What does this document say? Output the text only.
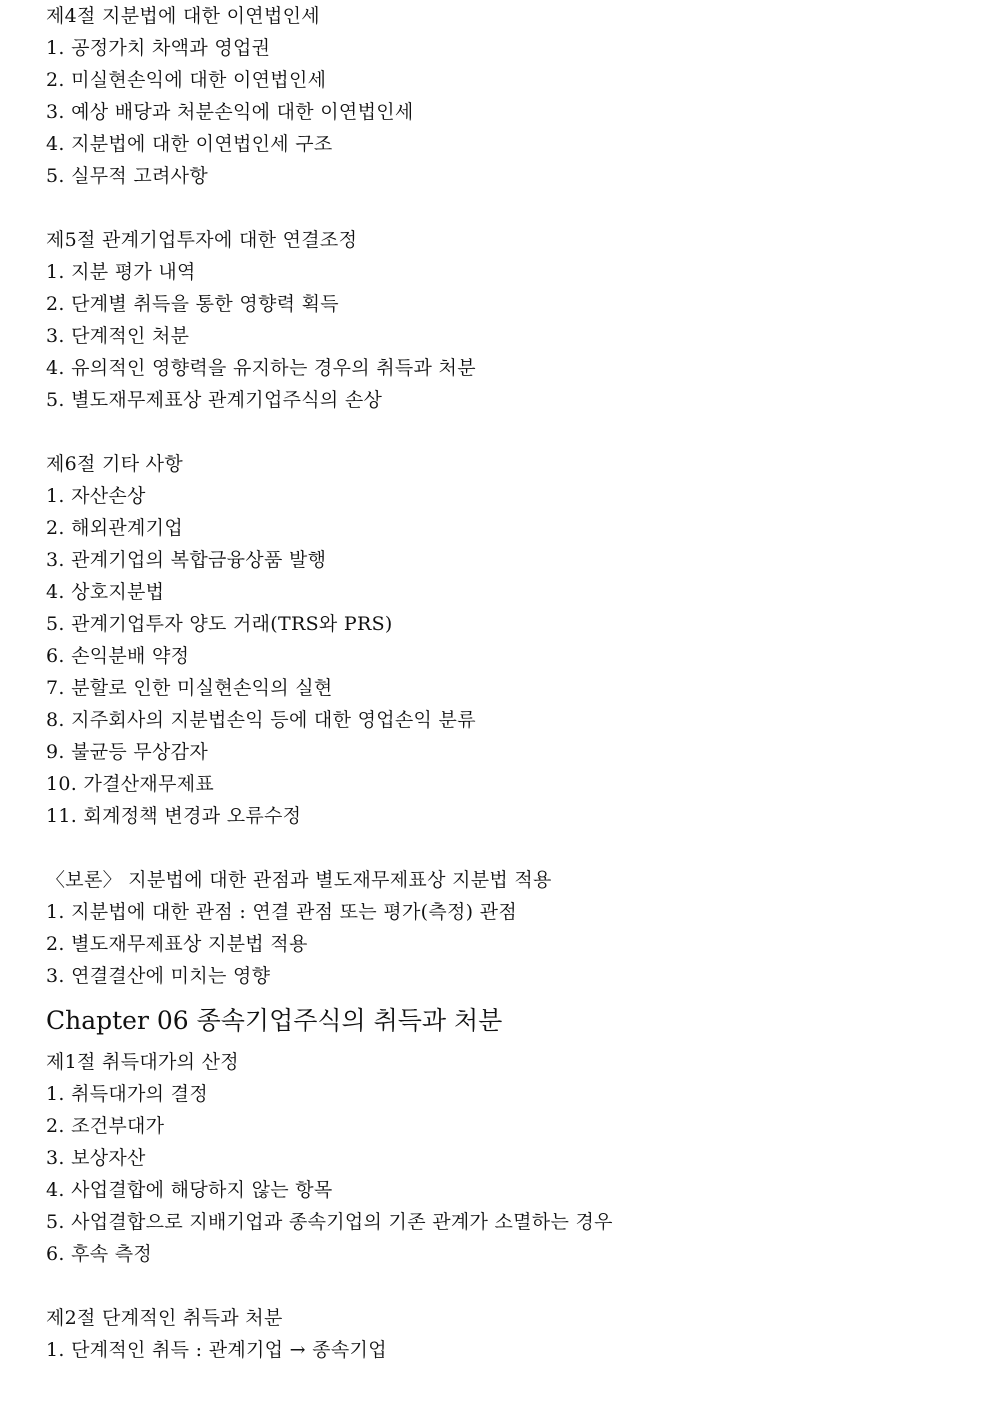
제4절 지분법에 대한 이연법인세
1. 공정가치 차액과 영업권
2. 미실현손익에 대한 이연법인세
3. 예상 배당과 처분손익에 대한 이연법인세
4. 지분법에 대한 이연법인세 구조
5. 실무적 고려사항
제5절 관계기업투자에 대한 연결조정
1. 지분 평가 내역
2. 단계별 취득을 통한 영향력 획득
3. 단계적인 처분
4. 유의적인 영향력을 유지하는 경우의 취득과 처분
5. 별도재무제표상 관계기업주식의 손상
제6절 기타 사항
1. 자산손상
2. 해외관계기업
3. 관계기업의 복합금융상품 발행
4. 상호지분법
5. 관계기업투자 양도 거래(TRS와 PRS)
6. 손익분배 약정
7. 분할로 인한 미실현손익의 실현
8. 지주회사의 지분법손익 등에 대한 영업손익 분류
9. 불균등 무상감자
10. 가결산재무제표
11. 회계정책 변경과 오류수정
〈보론〉 지분법에 대한 관점과 별도재무제표상 지분법 적용
1. 지분법에 대한 관점 : 연결 관점 또는 평가(측정) 관점
2. 별도재무제표상 지분법 적용
3. 연결결산에 미치는 영향
Chapter 06 종속기업주식의 취득과 처분
제1절 취득대가의 산정
1. 취득대가의 결정
2. 조건부대가
3. 보상자산
4. 사업결합에 해당하지 않는 항목
5. 사업결합으로 지배기업과 종속기업의 기존 관계가 소멸하는 경우
6. 후속 측정
제2절 단계적인 취득과 처분
1. 단계적인 취득 : 관계기업 → 종속기업
